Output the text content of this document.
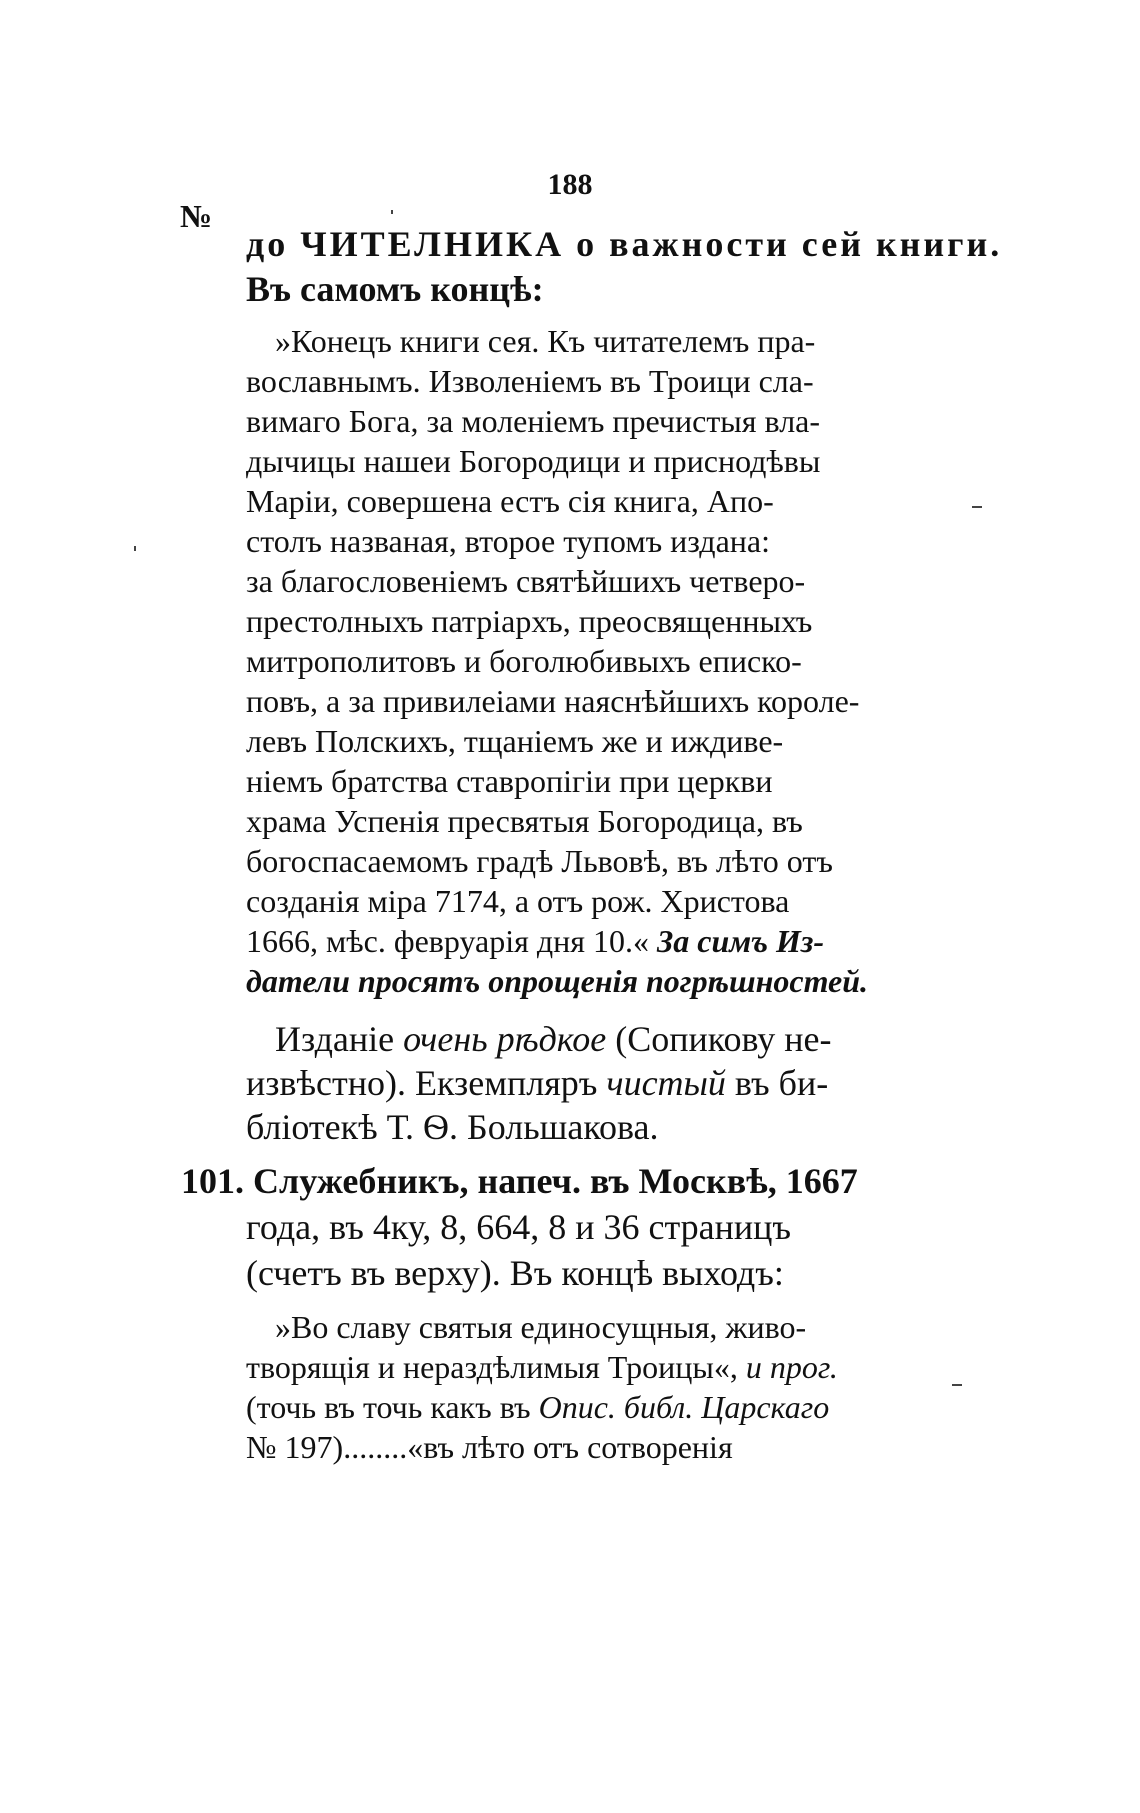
188
№
до ЧИТЕЛНИКА о важности сей книги.
Въ самомъ концѣ:
»Конецъ книги сея. Къ читателемъ пра-
вославнымъ. Изволеніемъ въ Троици сла-
вимаго Бога, за моленіемъ пречистыя вла-
дычицы нашеи Богородици и приснодѣвы
Маріи, совершена естъ сія книга, Апо-
столъ названая, второе тупомъ издана:
за благословеніемъ святѣйшихъ четверо-
престолныхъ патріархъ, преосвященныхъ
митрополитовъ и боголюбивыхъ еписко-
повъ, а за привилеіами наяснѣйшихъ короле-
левъ Полскихъ, тщаніемъ же и иждиве-
ніемъ братства ставропігіи при церкви
храма Успенія пресвятыя Богородица, въ
богоспасаемомъ градѣ Львовѣ, въ лѣто отъ
созданія міра 7174, а отъ рож. Христова
1666, мѣс. февруарія дня 10.« За симъ Из-
датели просятъ опрощенія погрѣшностей.
Изданіе очень рѣдкое (Сопикову не-
извѣстно). Екземпляръ чистый въ би-
бліотекѣ Т. Ѳ. Большакова.
101. Служебникъ, напеч. въ Москвѣ, 1667
года, въ 4ку, 8, 664, 8 и 36 страницъ
(счетъ въ верху). Въ концѣ выходъ:
»Во славу святыя единосущныя, живо-
творящія и нераздѣлимыя Троицы«, и прог.
(точь въ точь какъ въ Опис. библ. Царскаго
№ 197)........«въ лѣто отъ сотворенія
